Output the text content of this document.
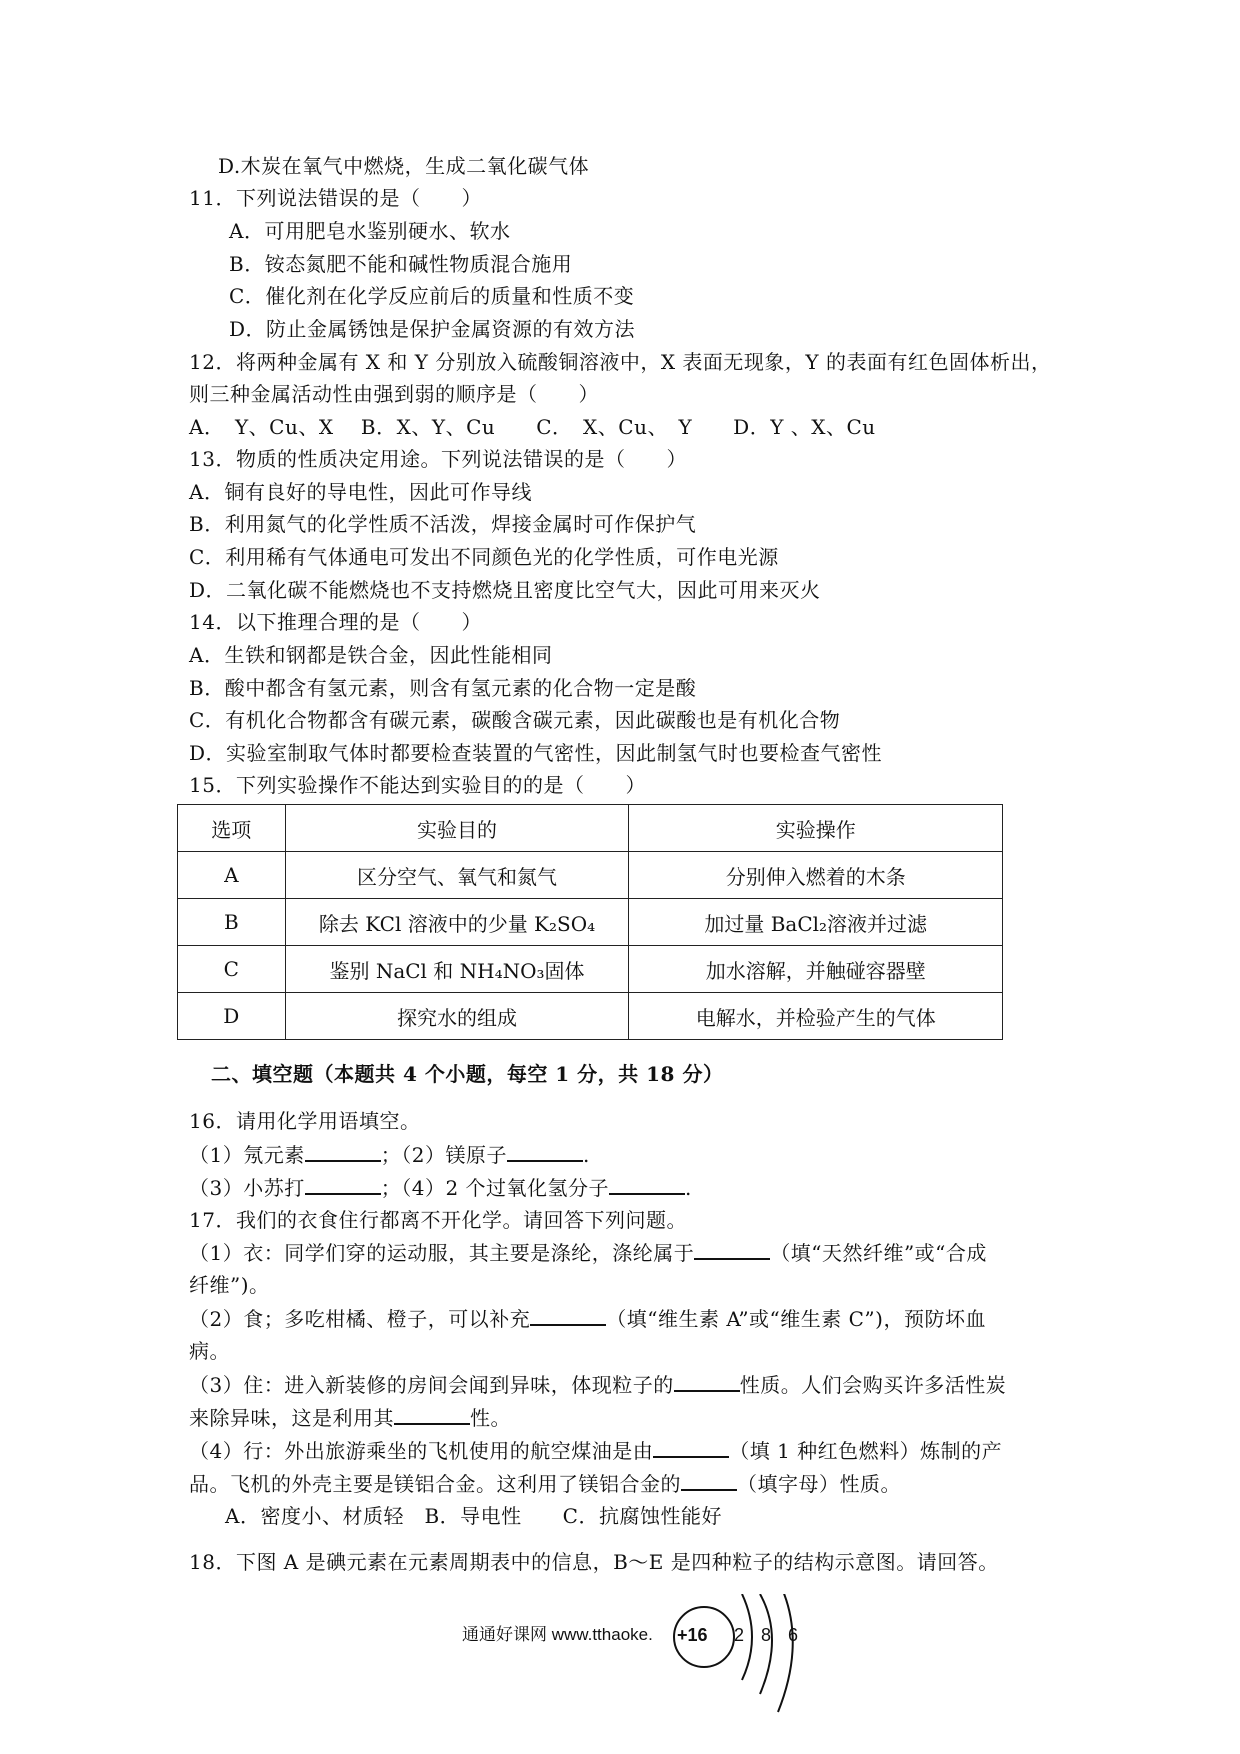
D.木炭在氧气中燃烧，生成二氧化碳气体
11．下列说法错误的是（　　）
A．可用肥皂水鉴别硬水、软水
B．铵态氮肥不能和碱性物质混合施用
C．催化剂在化学反应前后的质量和性质不变
D．防止金属锈蚀是保护金属资源的有效方法
12．将两种金属有 X 和 Y 分别放入硫酸铜溶液中，X 表面无现象，Y 的表面有红色固体析出，
则三种金属活动性由强到弱的顺序是（　　）
A．　Y、Cu、X　 B．X、Y、Cu　　C．　X、Cu、　Y　　D．Y 、X、Cu
13．物质的性质决定用途。下列说法错误的是（　　）
A．铜有良好的导电性，因此可作导线
B．利用氮气的化学性质不活泼，焊接金属时可作保护气
C．利用稀有气体通电可发出不同颜色光的化学性质，可作电光源
D．二氧化碳不能燃烧也不支持燃烧且密度比空气大，因此可用来灭火
14．以下推理合理的是（　　）
A．生铁和钢都是铁合金，因此性能相同
B．酸中都含有氢元素，则含有氢元素的化合物一定是酸
C．有机化合物都含有碳元素，碳酸含碳元素，因此碳酸也是有机化合物
D．实验室制取气体时都要检查装置的气密性，因此制氢气时也要检查气密性
15．下列实验操作不能达到实验目的的是（　　）
选项	实验目的	实验操作
A	区分空气、氧气和氮气	分别伸入燃着的木条
B	除去 KCl 溶液中的少量 K₂SO₄	加过量 BaCl₂溶液并过滤
C	鉴别 NaCl 和 NH₄NO₃固体	加水溶解，并触碰容器壁
D	探究水的组成	电解水，并检验产生的气体
二、填空题（本题共 4 个小题，每空 1 分，共 18 分）
16．请用化学用语填空。
（1）氖元素	；（2）镁原子	.
（3）小苏打	；（4）2 个过氧化氢分子	.
17．我们的衣食住行都离不开化学。请回答下列问题。
（1）衣：同学们穿的运动服，其主要是涤纶，涤纶属于	（填“天然纤维”或“合成
纤维”)。
（2）食；多吃柑橘、橙子，可以补充	（填“维生素 A”或“维生素 C”)，预防坏血
病。
（3）住：进入新装修的房间会闻到异味，体现粒子的	性质。人们会购买许多活性炭
来除异味，这是利用其	性。
（4）行：外出旅游乘坐的飞机使用的航空煤油是由	（填 1 种红色燃料）炼制的产
品。飞机的外壳主要是镁铝合金。这利用了镁铝合金的	（填字母）性质。
A．密度小、材质轻　B．导电性　　C．抗腐蚀性能好
18．下图 A 是碘元素在元素周期表中的信息，B～E 是四种粒子的结构示意图。请回答。
通通好课网 www.tthaoke. +16 2 8 6
